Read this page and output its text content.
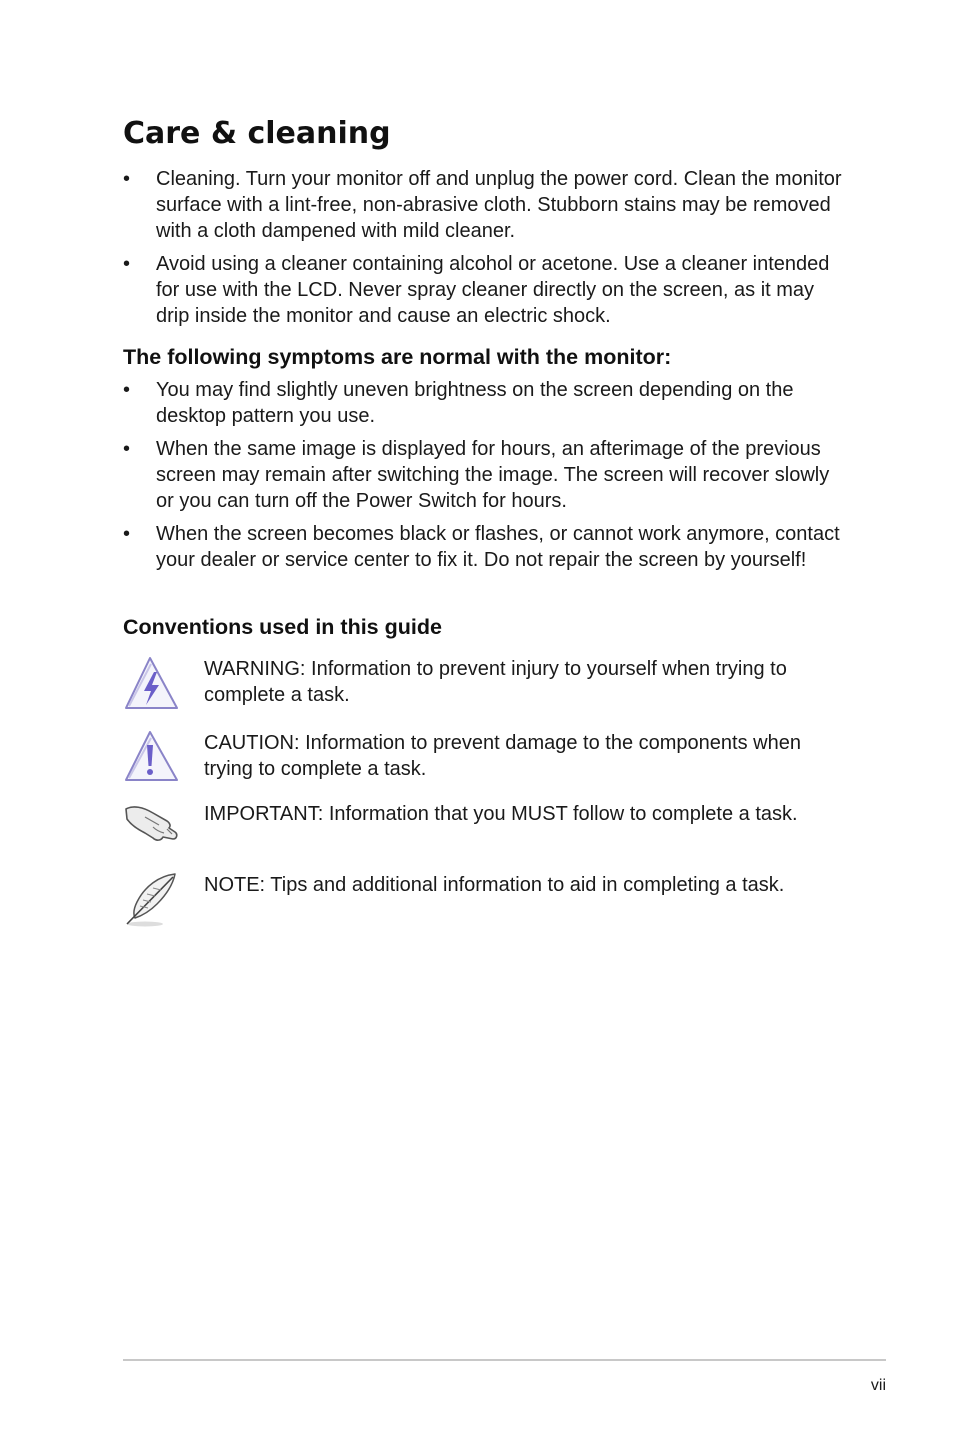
Care & cleaning
•	Cleaning. Turn your monitor off and unplug the power cord. Clean the monitor surface with a lint-free, non-abrasive cloth. Stubborn stains may be removed with a cloth dampened with mild cleaner.
•	Avoid using a cleaner containing alcohol or acetone. Use a cleaner intended for use with the LCD. Never spray cleaner directly on the screen, as it may drip inside the monitor and cause an electric shock.
The following symptoms are normal with the monitor:
•	You may find slightly uneven brightness on the screen depending on the desktop pattern you use.
•	When the same image is displayed for hours, an afterimage of the previous screen may remain after switching the image. The screen will recover slowly or you can turn off the Power Switch for hours.
•	When the screen becomes black or flashes, or cannot work anymore, contact your dealer or service center to fix it. Do not repair the screen by yourself!
Conventions used in this guide
WARNING: Information to prevent injury to yourself when trying to complete a task.
CAUTION: Information to prevent damage to the components when trying to complete a task.
IMPORTANT: Information that you MUST follow to complete a task.
NOTE: Tips and additional information to aid in completing a task.
vii
